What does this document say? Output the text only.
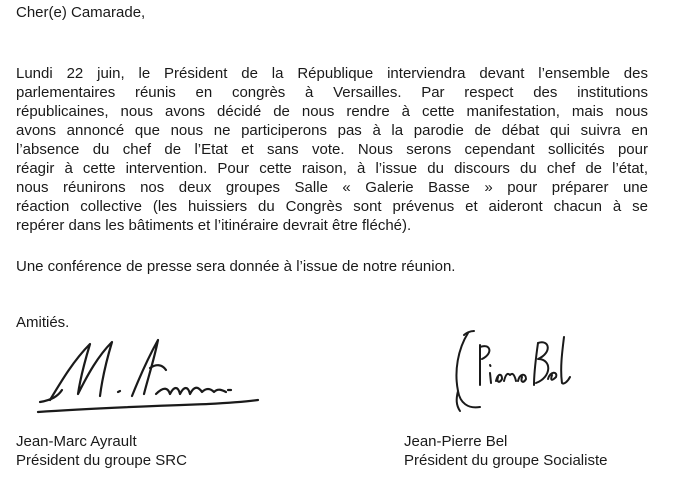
Cher(e) Camarade,

Lundi 22 juin, le Président de la République interviendra devant l’ensemble des
parlementaires réunis en congrès à Versailles. Par respect des institutions
républicaines, nous avons décidé de nous rendre à cette manifestation, mais nous
avons annoncé que nous ne participerons pas à la parodie de débat qui suivra en
l’absence du chef de l’Etat et sans vote. Nous serons cependant sollicités pour
réagir à cette intervention. Pour cette raison, à l’issue du discours du chef de l’état,
nous réunirons nos deux groupes Salle « Galerie Basse » pour préparer une
réaction collective (les huissiers du Congrès sont prévenus et aideront chacun à se
repérer dans les bâtiments et l’itinéraire devrait être fléché).

Une conférence de presse sera donnée à l’issue de notre réunion.
Amitiés.
Jean-Marc Ayrault
Président du groupe SRC
Jean-Pierre Bel
Président du groupe Socialiste
